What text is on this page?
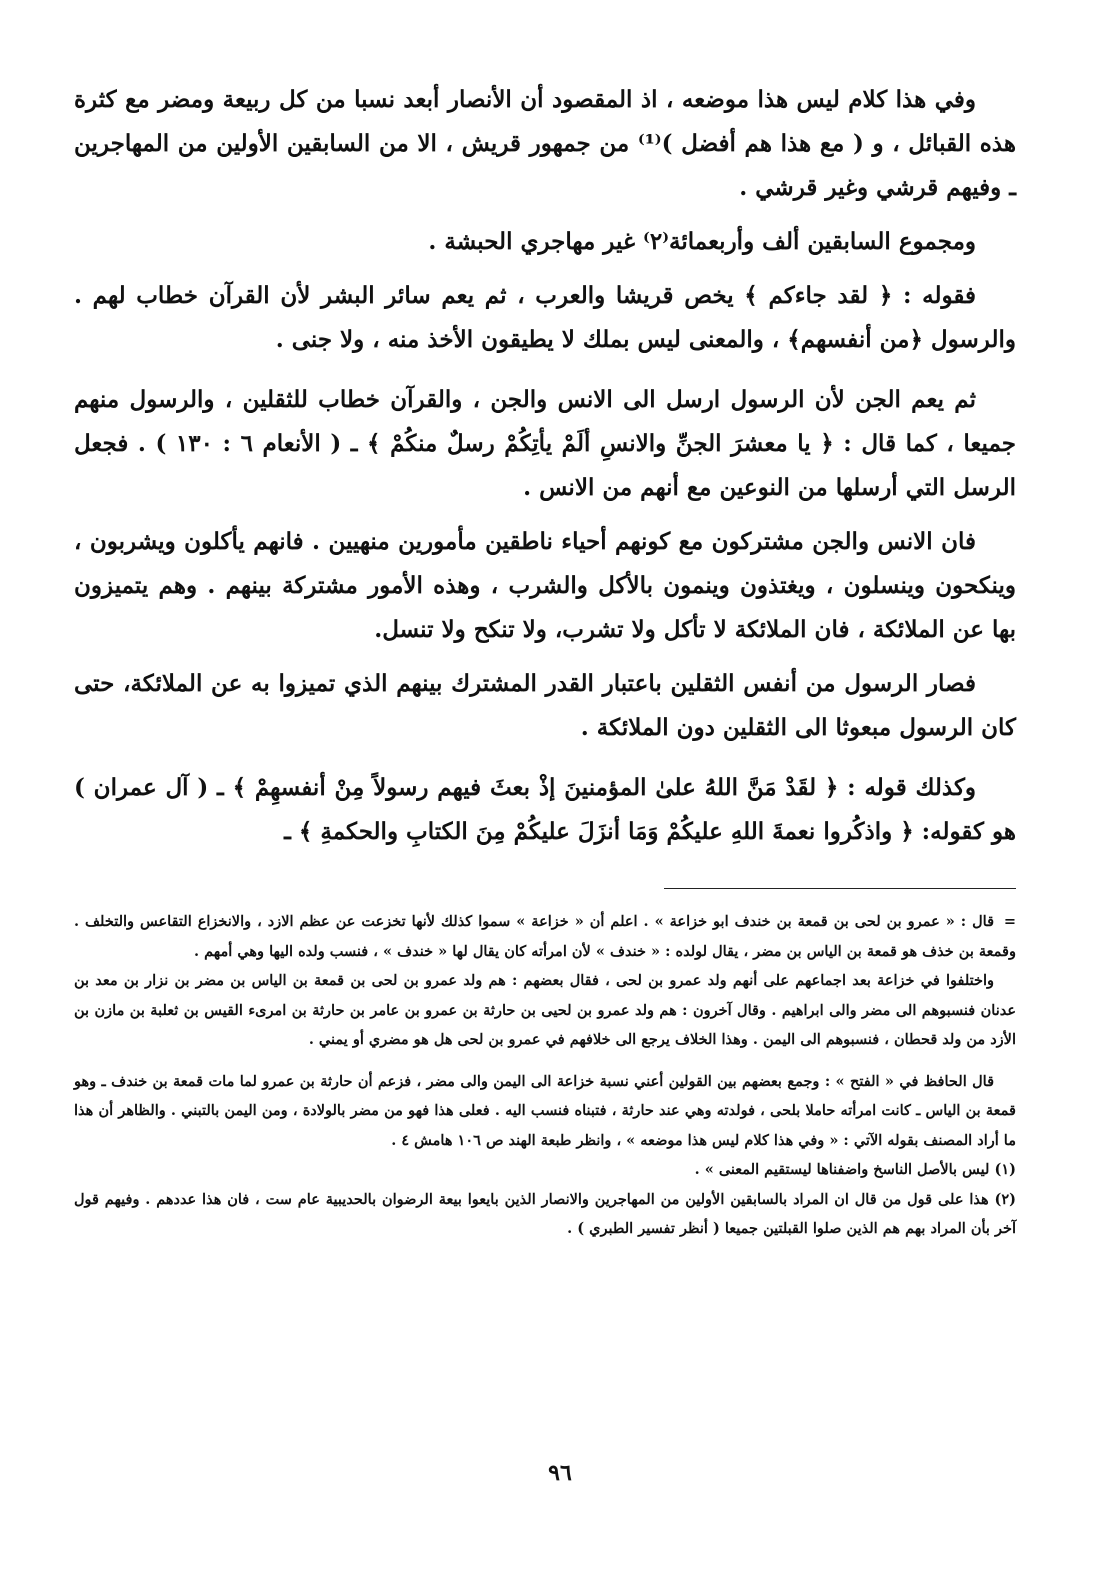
وفي هذا كلام ليس هذا موضعه ، اذ المقصود أن الأنصار أبعد نسبا من كل ربيعة ومضر مع كثرة هذه القبائل ، و ( مع هذا هم أفضل )⁽¹⁾ من جمهور قريش ، الا من السابقين الأولين من المهاجرين ـ وفيهم قرشي وغير قرشي .

ومجموع السابقين ألف وأربعمائة⁽٢⁾ غير مهاجري الحبشة .

فقوله : ﴿ لقد جاءكم ﴾ يخص قريشا والعرب ، ثم يعم سائر البشر لأن القرآن خطاب لهم . والرسول ﴿من أنفسهم﴾ ، والمعنى ليس بملك لا يطيقون الأخذ منه ، ولا جنى .

ثم يعم الجن لأن الرسول ارسل الى الانس والجن ، والقرآن خطاب للثقلين ، والرسول منهم جميعا ، كما قال : ﴿ يا معشرَ الجنِّ والانسِ ألَمْ يأتِكُمْ رسلٌ منكُمْ ﴾ ـ ( الأنعام ٦ : ١٣٠ ) . فجعل الرسل التي أرسلها من النوعين مع أنهم من الانس .

فان الانس والجن مشتركون مع كونهم أحياء ناطقين مأمورين منهيين . فانهم يأكلون ويشربون ، وينكحون وينسلون ، ويغتذون وينمون بالأكل والشرب ، وهذه الأمور مشتركة بينهم . وهم يتميزون بها عن الملائكة ، فان الملائكة لا تأكل ولا تشرب، ولا تنكح ولا تنسل.

فصار الرسول من أنفس الثقلين باعتبار القدر المشترك بينهم الذي تميزوا به عن الملائكة، حتى كان الرسول مبعوثا الى الثقلين دون الملائكة .

وكذلك قوله : ﴿ لقَدْ مَنَّ اللهُ علىٰ المؤمنينَ إذْ بعثَ فيهم رسولاً مِنْ أنفسهِمْ ﴾ ـ ( آل عمران ) هو كقوله: ﴿ واذكُروا نعمةَ اللهِ عليكُمْ وَمَا أنزَلَ عليكُمْ مِنَ الكتابِ والحكمةِ ﴾ ـ

=قال : « عمرو بن لحى بن قمعة بن خندف ابو خزاعة » . اعلم أن « خزاعة » سموا كذلك لأنها تخزعت عن عظم الازد ، والانخزاع التقاعس والتخلف . وقمعة بن خذف هو قمعة بن الياس بن مضر ، يقال لولده : « خندف » لأن امرأته كان يقال لها « خندف » ، فنسب ولده اليها وهي أمهم .

واختلفوا في خزاعة بعد اجماعهم على أنهم ولد عمرو بن لحى ، فقال بعضهم : هم ولد عمرو بن لحى بن قمعة بن الياس بن مضر بن نزار بن معد بن عدنان فنسبوهم الى مضر والى ابراهيم . وقال آخرون : هم ولد عمرو بن لحيى بن حارثة بن عمرو بن عامر بن حارثة بن امرىء القيس بن ثعلبة بن مازن بن الأزد من ولد قحطان ، فنسبوهم الى اليمن . وهذا الخلاف يرجع الى خلافهم في عمرو بن لحى هل هو مضري أو يمني .

قال الحافظ في « الفتح » : وجمع بعضهم بين القولين أعني نسبة خزاعة الى اليمن والى مضر ، فزعم أن حارثة بن عمرو لما مات قمعة بن خندف ـ وهو قمعة بن الياس ـ كانت امرأته حاملا بلحى ، فولدته وهي عند حارثة ، فتبناه فنسب اليه . فعلى هذا فهو من مضر بالولادة ، ومن اليمن بالتبني . والظاهر أن هذا ما أراد المصنف بقوله الآتي : « وفي هذا كلام ليس هذا موضعه » ، وانظر طبعة الهند ص ١٠٦ هامش ٤ .

(١) ليس بالأصل الناسخ واضفناها ليستقيم المعنى » .

(٢) هذا على قول من قال ان المراد بالسابقين الأولين من المهاجرين والانصار الذين بايعوا بيعة الرضوان بالحديبية عام ست ، فان هذا عددهم . وفيهم قول آخر بأن المراد بهم هم الذين صلوا القبلتين جميعا ( أنظر تفسير الطبري ) .

٩٦
